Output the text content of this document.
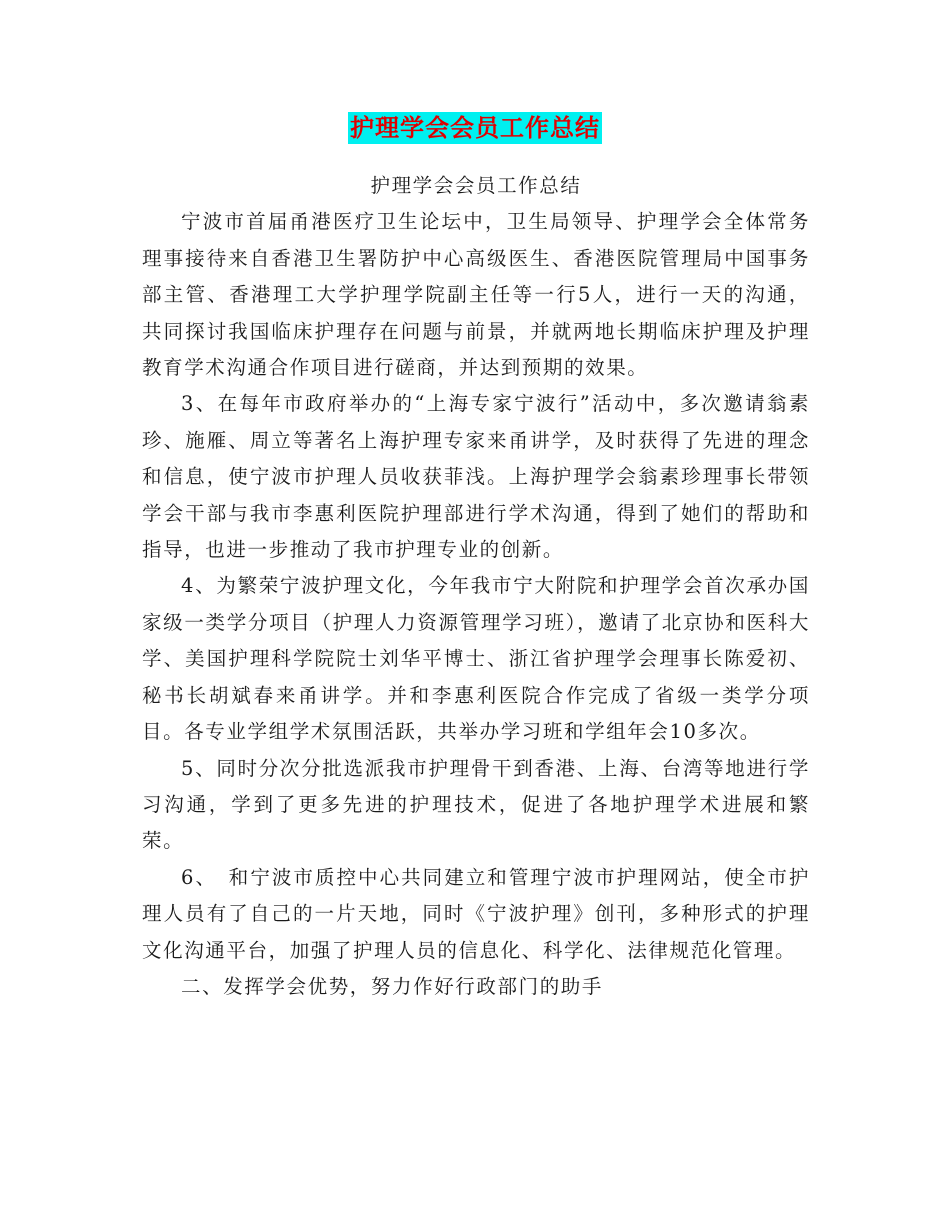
护理学会会员工作总结

护理学会会员工作总结

宁波市首届甬港医疗卫生论坛中，卫生局领导、护理学会全体常务理事接待来自香港卫生署防护中心高级医生、香港医院管理局中国事务部主管、香港理工大学护理学院副主任等一行5人，进行一天的沟通，共同探讨我国临床护理存在问题与前景，并就两地长期临床护理及护理教育学术沟通合作项目进行磋商，并达到预期的效果。

3、在每年市政府举办的“上海专家宁波行”活动中，多次邀请翁素珍、施雁、周立等著名上海护理专家来甬讲学，及时获得了先进的理念和信息，使宁波市护理人员收获菲浅。上海护理学会翁素珍理事长带领学会干部与我市李惠利医院护理部进行学术沟通，得到了她们的帮助和指导，也进一步推动了我市护理专业的创新。

4、为繁荣宁波护理文化，今年我市宁大附院和护理学会首次承办国家级一类学分项目（护理人力资源管理学习班），邀请了北京协和医科大学、美国护理科学院院士刘华平博士、浙江省护理学会理事长陈爱初、秘书长胡斌春来甬讲学。并和李惠利医院合作完成了省级一类学分项目。各专业学组学术氛围活跃，共举办学习班和学组年会10多次。

5、同时分次分批选派我市护理骨干到香港、上海、台湾等地进行学习沟通，学到了更多先进的护理技术，促进了各地护理学术进展和繁荣。

6、　和宁波市质控中心共同建立和管理宁波市护理网站，使全市护理人员有了自己的一片天地，同时《宁波护理》创刊，多种形式的护理文化沟通平台，加强了护理人员的信息化、科学化、法律规范化管理。

二、发挥学会优势，努力作好行政部门的助手
